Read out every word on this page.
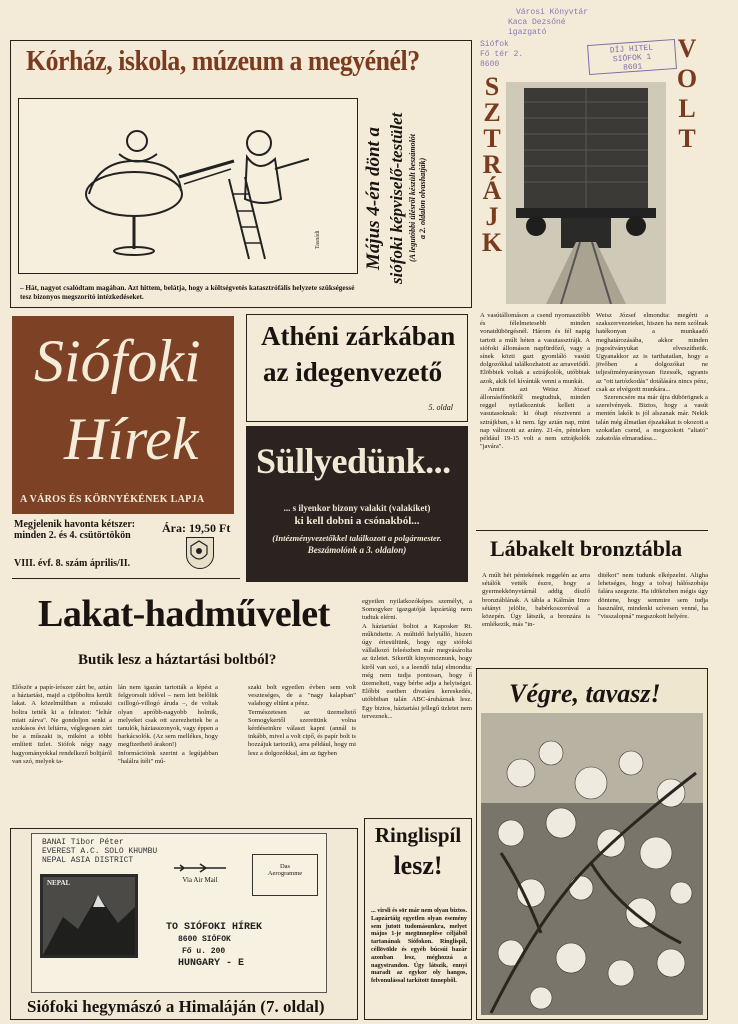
Városi Könyvtár
Kaca Dezsőné igazgató
Siófok
Fő tér 2.
8600
DÍJ HITEL
SIÓFOK 1
8601
Kórház, iskola, múzeum a megyénél?
Tasnádi
– Hát, nagyot csalódtam magában. Azt hittem, belátja, hogy a költségvetés katasztrófális helyzete szükségessé tesz bizonyos megszorító intézkedéseket.
Május 4-én dönt a siófoki képviselő-testület (A legutóbbi ülésről készült beszámolót a 2. oldalon olvashatják)
SZTRÁJK
VOLT

A vasútállomáson a csend nyomasztóbb és félelmetesebb minden vonatdübörgésnél. Három és fél napig tartott a múlt héten a vasutassztrájk. A siófoki állomáson napfürdőző, vagy a sínek közti gazt gyomláló vasúti dolgozókkal találkozhatott az arravetődő. Elöbbiek voltak a sztrájkolók, utóbbiak azok, akik fel kívánták venni a munkát.

Amint azt Weisz József állomásfőnöktől megtudtuk, minden reggel nyilatkozniuk kellett a vasutasoknak: ki óhajt résztvenni a sztrájkban, s ki nem. Így aztán nap, mint nap változott az arány. 21-én, pénteken például 19-15 volt a nem sztrájkolók "javára".

Weisz József elmondta: megérti a szakszervezeteket, hiszen ha nem szólnak hatékonyan a munkaadó meghatározásába, akkor minden jogosítványukat elveszíthetik. Ugyanakkor az is tarthatatlan, hogy a jövőben a dolgozókat ne teljesítményarányosan fizessék, ugyanis az "ott tartózkodás" dotálására nincs pénz, csak az elvégzett munkára...

Szerencsére ma már újra dübörögnek a szerelvények. Biztos, hogy a vasút mentén lakók is jól alszanak már. Nekik talán még álmatlan éjszakákat is okozott a szokatlan csend, a megszokott "altató" zakatolás elmaradása...

Siófoki
Hírek
A VÁROS ÉS KÖRNYÉKÉNEK LAPJA
Megjelenik havonta kétszer:
minden 2. és 4. csütörtökön
Ára: 19,50 Ft
VIII. évf. 8. szám április/II.
Athéni zárkában
az idegenvezető
5. oldal
Süllyedünk...
... s ilyenkor bizony valakit (valakiket)
ki kell dobni a csónakból...
(Intézményvezetőkkel találkozott a polgármester.
Beszámolónk a 3. oldalon)
Lakat-hadművelet
Butik lesz a háztartási boltból?
Először a papír-írószer zárt be, aztán a háztartási, majd a cipőboltra került lakat. A közelmúltban a műszaki boltra tették ki a feliratot: "leltár miatt zárva". Ne gondoljon senki a szokásos évi leltárra, véglegesen zárt be a műszaki is, miként a többi említett üzlet. Siófok négy nagy hagyományokkal rendelkező boltjáról van szó, melyek ta-
lán nem igazán tartották a lépést a felgyorsult idővel – nem lett belőlük csillogó-villogó áruda –, de voltak olyan apróbb-nagyobb holmik, melyeket csak ott szerezhettek be a tanulók, háziasszonyok, vagy éppen a barkácsolók. (Az sem mellékes, hogy megfizethető árakon!)
Információink szerint a legújabban "halálra ítélt" mű-
szaki bolt egyetlen évben sem volt veszteséges, de a "nagy kalapban" valahogy eltűnt a pénz.
Természetesen az üzemeltető Somogykertől szerettünk volna kérdéseinkre választ kapni (annál is inkább, mivel a volt cipő, és papír bolt is hozzájuk tartozik), arra például, hogy mi lesz a dolgozókkal, ám az ügyben
egyetlen nyilatkozóképes személyt, a Somogyker igazgatóját lapzártáig nem tudtuk elérni.
A háztartási boltot a Kaposker Rt. működtette. A múltidő helytálló, hiszen úgy értesültünk, hogy egy siófoki vállalkozó feleészben már megvásárolta az üzletet. Sikerült kinyomoznunk, hogy kiről van szó, s a leendő tulaj elmondta: még nem tudja pontosan, hogy ő üzemelteti, vagy bérbe adja a helyiséget. Előbbi esetben divatáru kereskedés, utóbbiban talán ABC-áruháznak lesz. Egy biztos, háztartási jellegű üzletet nem terveznek...
Lábakelt bronztábla
A múlt hét péntekének reggelén az arra sétálók vették észre, hogy a gyermekkönyvtárnál addig díszlő bronztáblának. A tábla a Kálmán Imre sétányt jelölte, babérkoszorúval a közepén. Úgy látszik, a bronzára is emlékezik, más "in-
ditékot" nem tudunk elképzelni. Aligha lehetséges, hogy a tolvaj hálószobája falára szegezte. Ha idöközben mégis úgy döntene, hogy semmire sem tudja használni, mindenki szívesen venné, ha "visszalopná" megszokott helyére.
Végre, tavasz!
Ringlispíl
lesz!
... virsli és sör már nem olyan biztos. Lapzártáig egyetlen olyan esemény sem jutott tudomásunkra, melyet május 1-je megünneplése céljából tartanának Siófokon. Ringlispíl, céllövölde és egyéb búcsúi bazár azonban lesz, méghozzá a nagystrandon. Úgy látszik, ennyi maradt az egykor oly hangos, felvonulással tarkított ünnepből.
BANAI Tibor Péter
EVEREST A.C. SOLO KHUMBU
NEPAL ASIA DISTRICT
Via Air Mail
Das
Aerogramme
NEPAL
TO SIÓFOKI HÍREK
8600 SIÓFOK
Fő u. 200
HUNGARY - E
Siófoki hegymászó a Himaláján (7. oldal)
